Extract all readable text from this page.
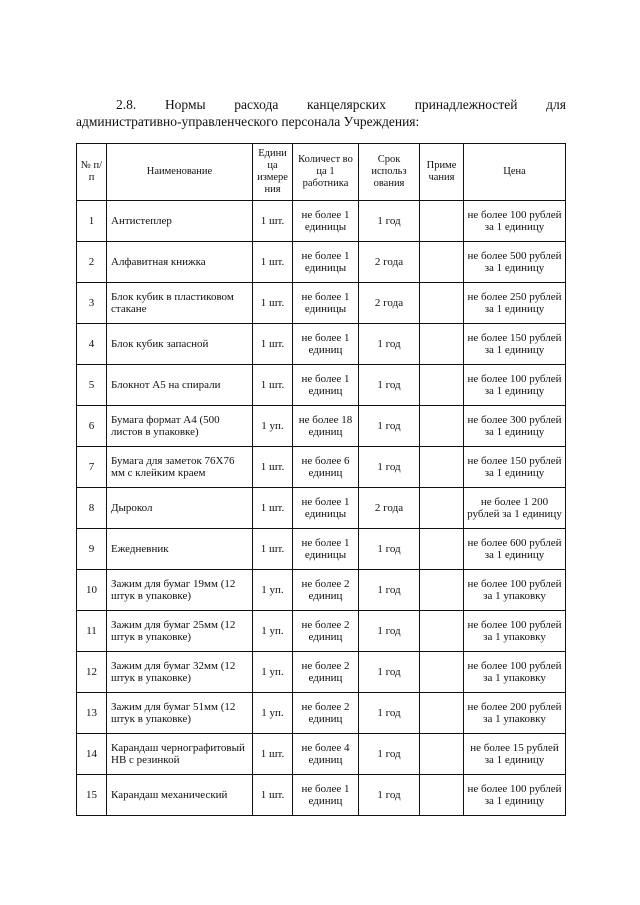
2.8. Нормы расхода канцелярских принадлежностей для
административно-управленческого персонала Учреждения:
№ п/п	Наименование	Едини ца измере ния	Количест во ца 1 работника	Срок использ ования	Приме чания	Цена
1	Антистеплер	1 шт.	не более 1 единицы	1 год		не более 100 рублей за 1 единицу
2	Алфавитная книжка	1 шт.	не более 1 единицы	2 года		не более 500 рублей за 1 единицу
3	Блок кубик в пластиковом стакане	1 шт.	не более 1 единицы	2 года		не более 250 рублей за 1 единицу
4	Блок кубик запасной	1 шт.	не более 1 единиц	1 год		не более 150 рублей за 1 единицу
5	Блокнот А5 на спирали	1 шт.	не более 1 единиц	1 год		не более 100 рублей за 1 единицу
6	Бумага формат А4 (500 листов в упаковке)	1 уп.	не более 18 единиц	1 год		не более 300 рублей за 1 единицу
7	Бумага для заметок 76Х76 мм с клейким краем	1 шт.	не более 6 единиц	1 год		не более 150 рублей за 1 единицу
8	Дырокол	1 шт.	не более 1 единицы	2 года		не более 1 200 рублей за 1 единицу
9	Ежедневник	1 шт.	не более 1 единицы	1 год		не более 600 рублей за 1 единицу
10	Зажим для бумаг 19мм (12 штук в упаковке)	1 уп.	не более 2 единиц	1 год		не более 100 рублей за 1 упаковку
11	Зажим для бумаг 25мм (12 штук в упаковке)	1 уп.	не более 2 единиц	1 год		не более 100 рублей за 1 упаковку
12	Зажим для бумаг 32мм (12 штук в упаковке)	1 уп.	не более 2 единиц	1 год		не более 100 рублей за 1 упаковку
13	Зажим для бумаг 51мм (12 штук в упаковке)	1 уп.	не более 2 единиц	1 год		не более 200 рублей за 1 упаковку
14	Карандаш чернографитовый НВ с резинкой	1 шт.	не более 4 единиц	1 год		не более 15 рублей за 1 единицу
15	Карандаш механический	1 шт.	не более 1 единиц	1 год		не более 100 рублей за 1 единицу
